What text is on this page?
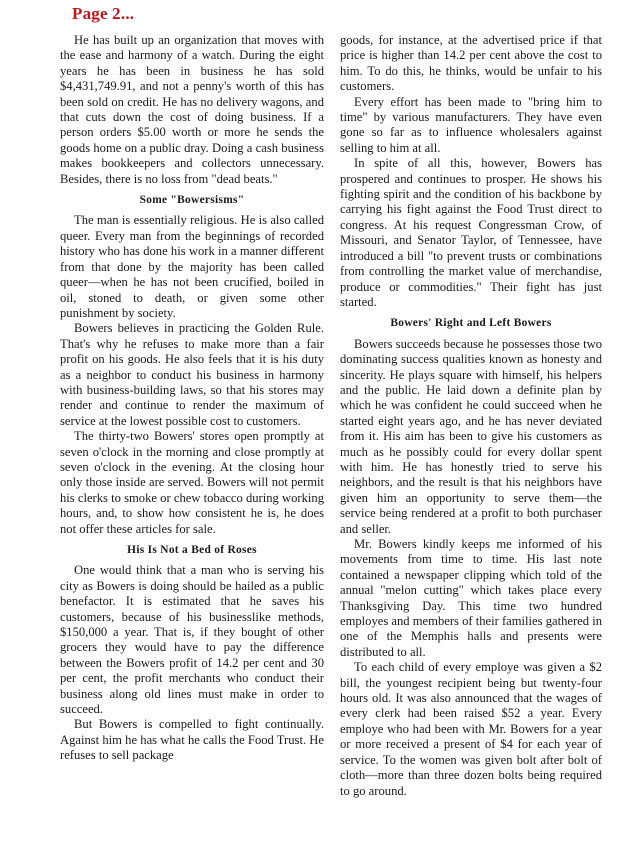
Page 2...

He has built up an organization that moves with the ease and harmony of a watch. During the eight years he has been in business he has sold $4,431,749.91, and not a penny's worth of this has been sold on credit. He has no delivery wagons, and that cuts down the cost of doing business. If a person orders $5.00 worth or more he sends the goods home on a public dray. Doing a cash business makes bookkeepers and collectors unnecessary. Besides, there is no loss from "dead beats."

Some "Bowersisms"

The man is essentially religious. He is also called queer. Every man from the beginnings of recorded history who has done his work in a manner different from that done by the majority has been called queer—when he has not been crucified, boiled in oil, stoned to death, or given some other punishment by society.

Bowers believes in practicing the Golden Rule. That's why he refuses to make more than a fair profit on his goods. He also feels that it is his duty as a neighbor to conduct his business in harmony with business-building laws, so that his stores may render and continue to render the maximum of service at the lowest possible cost to customers.

The thirty-two Bowers' stores open promptly at seven o'clock in the morning and close promptly at seven o'clock in the evening. At the closing hour only those inside are served. Bowers will not permit his clerks to smoke or chew tobacco during working hours, and, to show how consistent he is, he does not offer these articles for sale.

His Is Not a Bed of Roses

One would think that a man who is serving his city as Bowers is doing should be hailed as a public benefactor. It is estimated that he saves his customers, because of his businesslike methods, $150,000 a year. That is, if they bought of other grocers they would have to pay the difference between the Bowers profit of 14.2 per cent and 30 per cent, the profit merchants who conduct their business along old lines must make in order to succeed.

But Bowers is compelled to fight continually. Against him he has what he calls the Food Trust. He refuses to sell package

goods, for instance, at the advertised price if that price is higher than 14.2 per cent above the cost to him. To do this, he thinks, would be unfair to his customers.

Every effort has been made to "bring him to time" by various manufacturers. They have even gone so far as to influence wholesalers against selling to him at all.

In spite of all this, however, Bowers has prospered and continues to prosper. He shows his fighting spirit and the condition of his backbone by carrying his fight against the Food Trust direct to congress. At his request Congressman Crow, of Missouri, and Senator Taylor, of Tennessee, have introduced a bill "to prevent trusts or combinations from controlling the market value of merchandise, produce or commodities." Their fight has just started.

Bowers' Right and Left Bowers

Bowers succeeds because he possesses those two dominating success qualities known as honesty and sincerity. He plays square with himself, his helpers and the public. He laid down a definite plan by which he was confident he could succeed when he started eight years ago, and he has never deviated from it. His aim has been to give his customers as much as he possibly could for every dollar spent with him. He has honestly tried to serve his neighbors, and the result is that his neighbors have given him an opportunity to serve them—the service being rendered at a profit to both purchaser and seller.

Mr. Bowers kindly keeps me informed of his movements from time to time. His last note contained a newspaper clipping which told of the annual "melon cutting" which takes place every Thanksgiving Day. This time two hundred employes and members of their families gathered in one of the Memphis halls and presents were distributed to all.

To each child of every employe was given a $2 bill, the youngest recipient being but twenty-four hours old. It was also announced that the wages of every clerk had been raised $52 a year. Every employe who had been with Mr. Bowers for a year or more received a present of $4 for each year of service. To the women was given bolt after bolt of cloth—more than three dozen bolts being required to go around.
